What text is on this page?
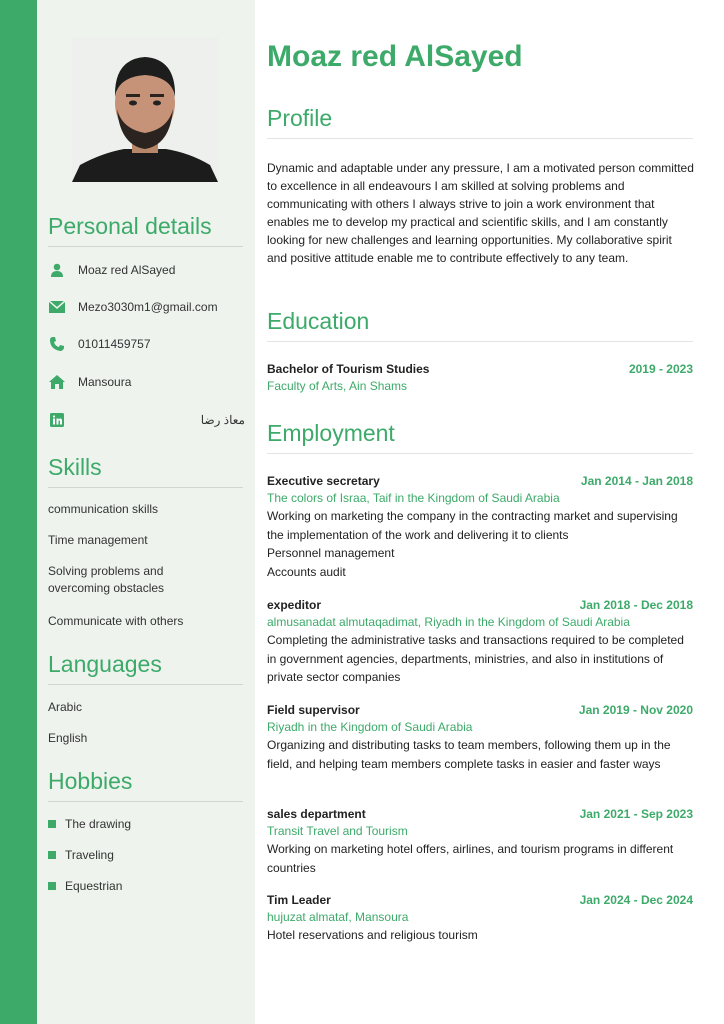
Personal details
Moaz red AlSayed
Mezo3030m1@gmail.com
01011459757
Mansoura
معاذ رضا
Skills
communication skills
Time management
Solving problems and overcoming obstacles
Communicate with others
Languages
Arabic
English
Hobbies
The drawing
Traveling
Equestrian
Moaz red AlSayed
Profile
Dynamic and adaptable under any pressure, I am a motivated person committed to excellence in all endeavours I am skilled at solving problems and communicating with others I always strive to join a work environment that enables me to develop my practical and scientific skills, and I am constantly looking for new challenges and learning opportunities. My collaborative spirit and positive attitude enable me to contribute effectively to any team.
Education
Bachelor of Tourism Studies	2019 - 2023
Faculty of Arts, Ain Shams
Employment
Executive secretary	Jan 2014 - Jan 2018
The colors of Israa, Taif in the Kingdom of Saudi Arabia
Working on marketing the company in the contracting market and supervising the implementation of the work and delivering it to clients
Personnel management
Accounts audit
expeditor	Jan 2018 - Dec 2018
almusanadat almutaqadimat, Riyadh in the Kingdom of Saudi Arabia
Completing the administrative tasks and transactions required to be completed in government agencies, departments, ministries, and also in institutions of private sector companies
Field supervisor	Jan 2019 - Nov 2020
Riyadh in the Kingdom of Saudi Arabia
Organizing and distributing tasks to team members, following them up in the field, and helping team members complete tasks in easier and faster ways
sales department	Jan 2021 - Sep 2023
Transit Travel and Tourism
Working on marketing hotel offers, airlines, and tourism programs in different countries
Tim Leader	Jan 2024 - Dec 2024
hujuzat almataf, Mansoura
Hotel reservations and religious tourism
